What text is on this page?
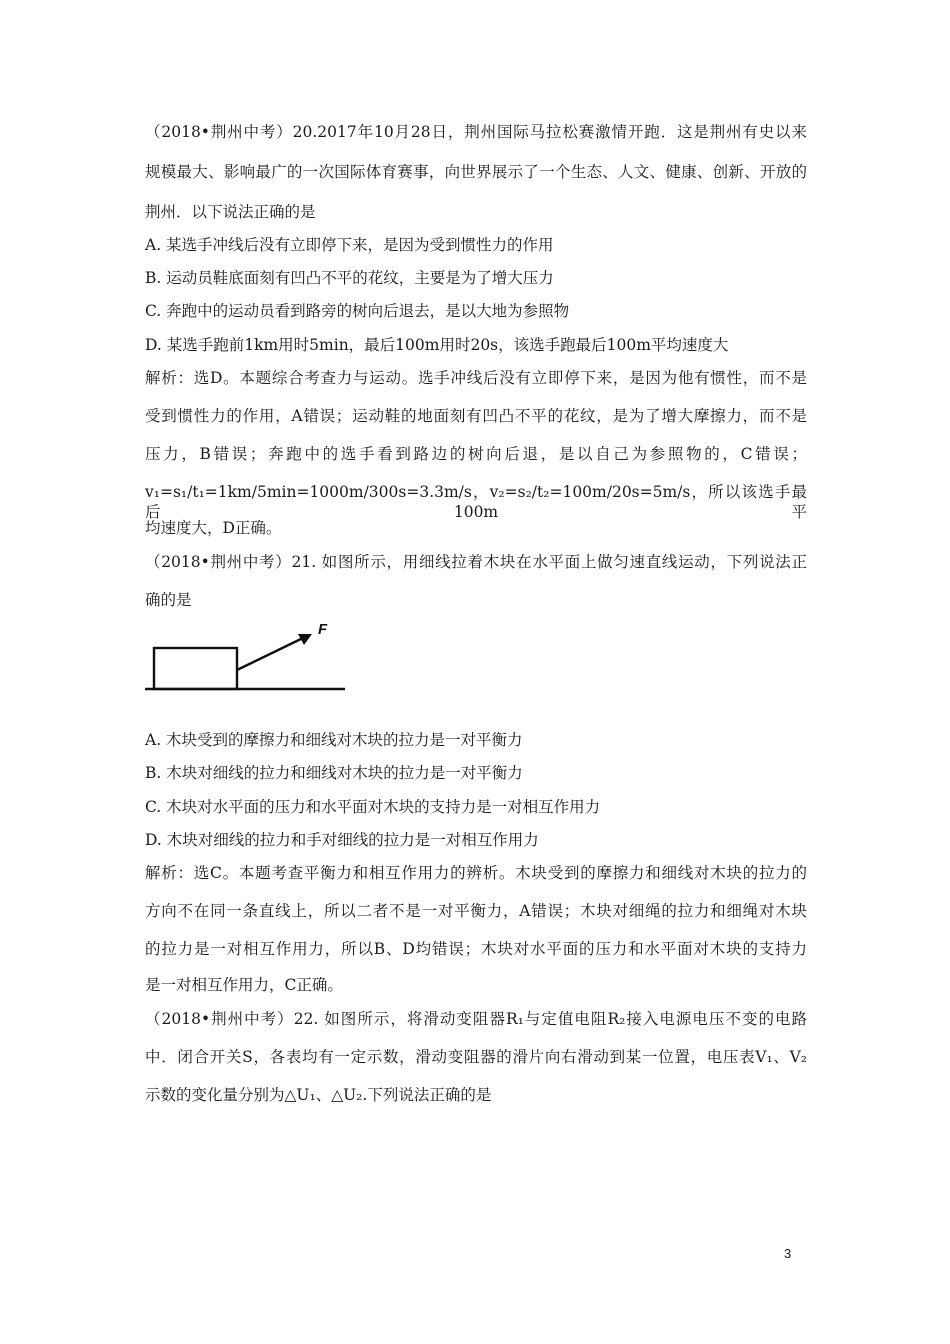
（2018•荆州中考）20.2017年10月28日，荆州国际马拉松赛激情开跑．这是荆州有史以来
规模最大、影响最广的一次国际体育赛事，向世界展示了一个生态、人文、健康、创新、开放的
荆州．以下说法正确的是
A. 某选手冲线后没有立即停下来，是因为受到惯性力的作用
B. 运动员鞋底面刻有凹凸不平的花纹，主要是为了增大压力
C. 奔跑中的运动员看到路旁的树向后退去，是以大地为参照物
D. 某选手跑前1km用时5min，最后100m用时20s，该选手跑最后100m平均速度大
解析：选D。本题综合考查力与运动。选手冲线后没有立即停下来，是因为他有惯性，而不是
受到惯性力的作用，A错误；运动鞋的地面刻有凹凸不平的花纹，是为了增大摩擦力，而不是
压力，B错误；奔跑中的选手看到路边的树向后退，是以自己为参照物的，C错误；
v₁=s₁/t₁=1km/5min=1000m/300s=3.3m/s，v₂=s₂/t₂=100m/20s=5m/s，所以该选手最后100m平
均速度大，D正确。
（2018•荆州中考）21. 如图所示，用细线拉着木块在水平面上做匀速直线运动，下列说法正
确的是
F
A. 木块受到的摩擦力和细线对木块的拉力是一对平衡力
B. 木块对细线的拉力和细线对木块的拉力是一对平衡力
C. 木块对水平面的压力和水平面对木块的支持力是一对相互作用力
D. 木块对细线的拉力和手对细线的拉力是一对相互作用力
解析：选C。本题考查平衡力和相互作用力的辨析。木块受到的摩擦力和细线对木块的拉力的
方向不在同一条直线上，所以二者不是一对平衡力，A错误；木块对细绳的拉力和细绳对木块
的拉力是一对相互作用力，所以B、D均错误；木块对水平面的压力和水平面对木块的支持力
是一对相互作用力，C正确。
（2018•荆州中考）22. 如图所示，将滑动变阻器R₁与定值电阻R₂接入电源电压不变的电路
中．闭合开关S，各表均有一定示数，滑动变阻器的滑片向右滑动到某一位置，电压表V₁、V₂
示数的变化量分别为△U₁、△U₂.下列说法正确的是
3
